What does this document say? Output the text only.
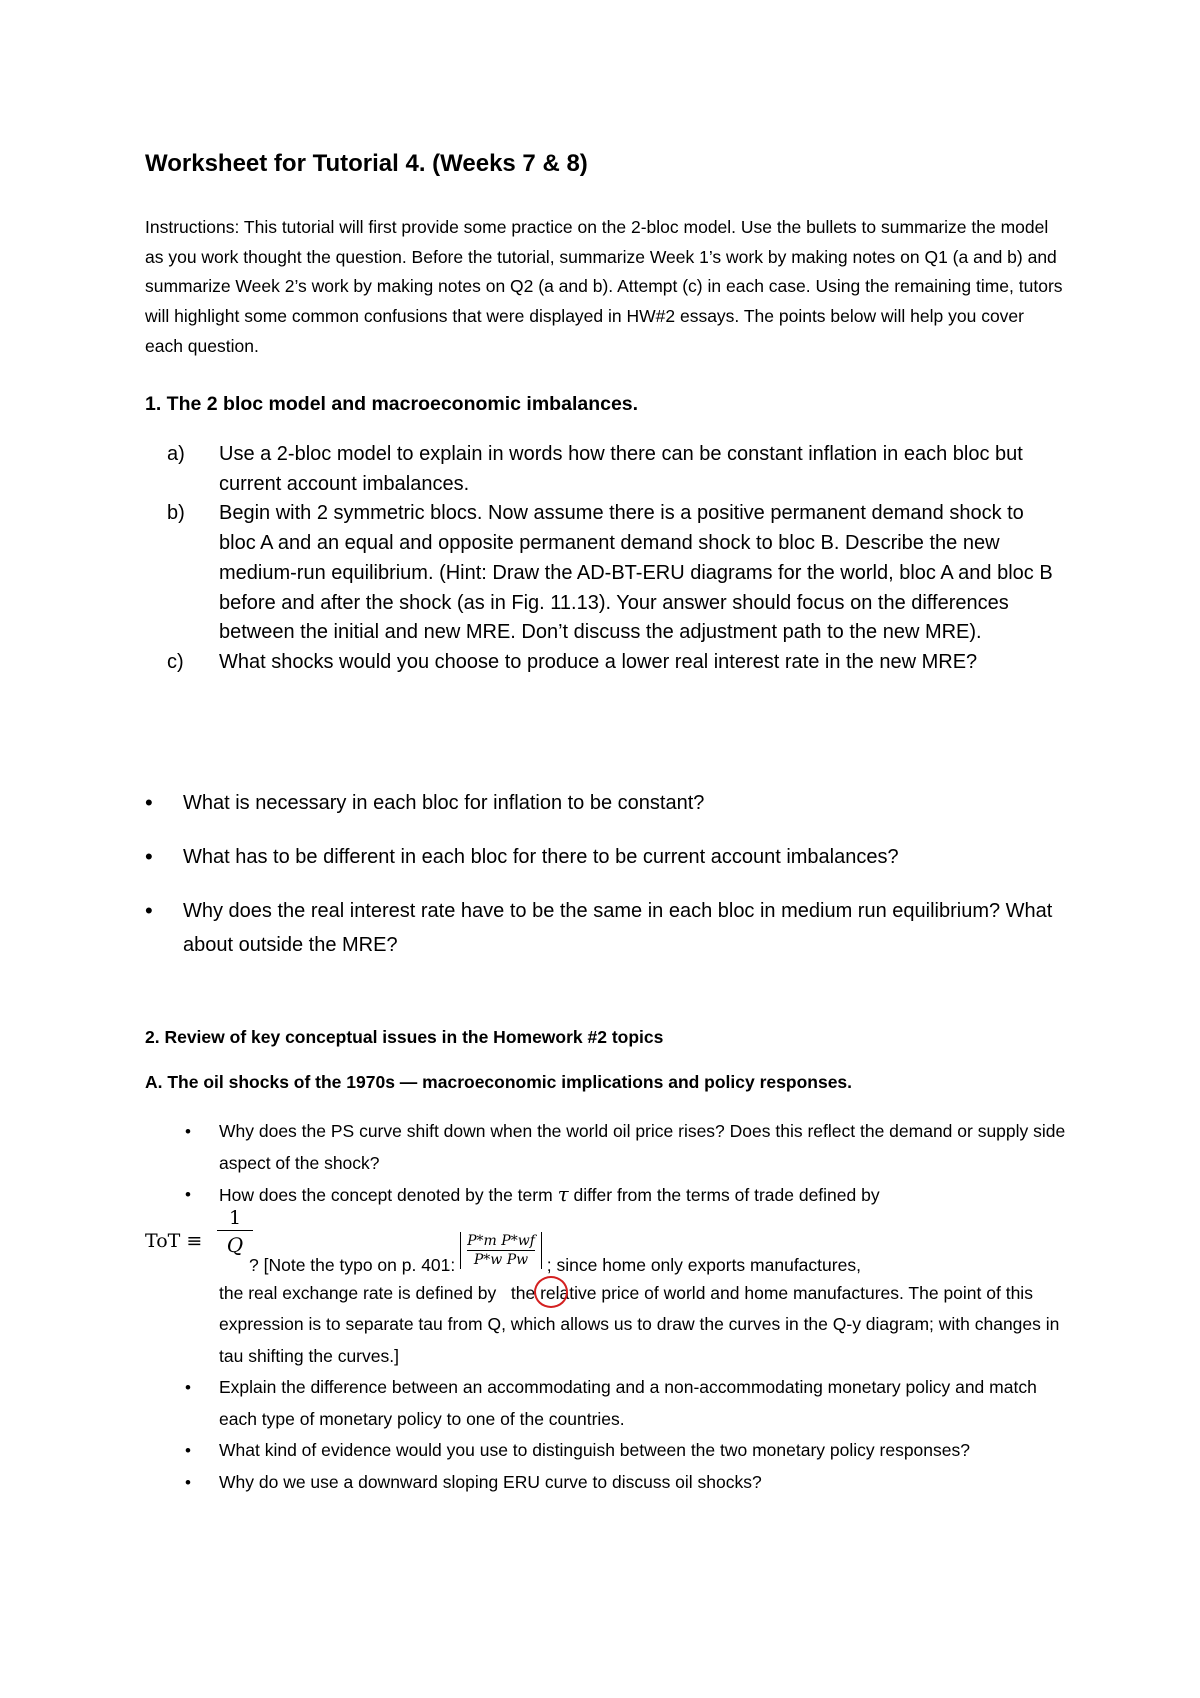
Worksheet for Tutorial 4. (Weeks 7 & 8)

Instructions: This tutorial will first provide some practice on the 2-bloc model. Use the bullets to summarize the model as you work thought the question. Before the tutorial, summarize Week 1’s work by making notes on Q1 (a and b) and summarize Week 2’s work by making notes on Q2 (a and b). Attempt (c) in each case. Using the remaining time, tutors will highlight some common confusions that were displayed in HW#2 essays. The points below will help you cover each question.

1. The 2 bloc model and macroeconomic imbalances.
a) Use a 2-bloc model to explain in words how there can be constant inflation in each bloc but current account imbalances.
b) Begin with 2 symmetric blocs. Now assume there is a positive permanent demand shock to bloc A and an equal and opposite permanent demand shock to bloc B. Describe the new medium-run equilibrium. (Hint: Draw the AD-BT-ERU diagrams for the world, bloc A and bloc B before and after the shock (as in Fig. 11.13). Your answer should focus on the differences between the initial and new MRE. Don’t discuss the adjustment path to the new MRE).
c) What shocks would you choose to produce a lower real interest rate in the new MRE?
• What is necessary in each bloc for inflation to be constant?
• What has to be different in each bloc for there to be current account imbalances?
• Why does the real interest rate have to be the same in each bloc in medium run equilibrium? What about outside the MRE?
2. Review of key conceptual issues in the Homework #2 topics
A. The oil shocks of the 1970s — macroeconomic implications and policy responses.
• Why does the PS curve shift down when the world oil price rises? Does this reflect the demand or supply side aspect of the shock?
• How does the concept denoted by the term τ differ from the terms of trade defined by
ToT ≡ $\frac{1}{Q}$
? [Note the typo on p. 401: $\frac{\text{P*m P*wf}}{\text{P*w Pw}}$ ; since home only exports manufactures,
the real exchange rate is defined by the relative price of world and home manufactures. The point of this expression is to separate tau from Q, which allows us to draw the curves in the Q-y diagram; with changes in tau shifting the curves.]
• Explain the difference between an accommodating and a non-accommodating monetary policy and match each type of monetary policy to one of the countries.
• What kind of evidence would you use to distinguish between the two monetary policy responses?
• Why do we use a downward sloping ERU curve to discuss oil shocks?
